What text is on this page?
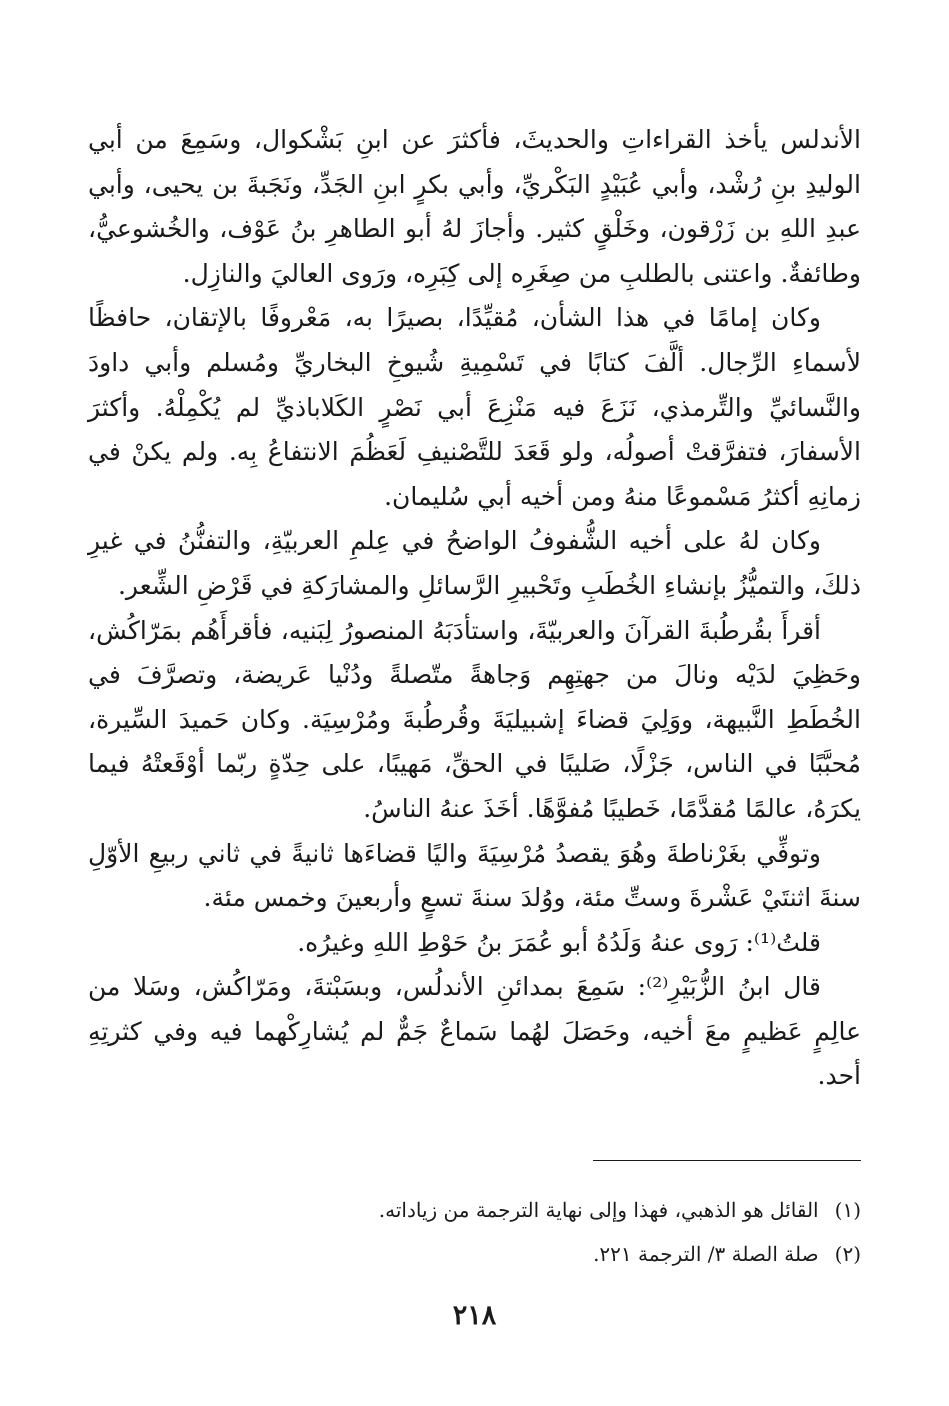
الأندلس يأخذ القراءاتِ والحديثَ، فأكثرَ عن ابنِ بَشْكوال، وسَمِعَ من أبي الوليدِ بنِ رُشْد، وأبي عُبَيْدٍ البَكْريِّ، وأبي بكرٍ ابنِ الجَدِّ، ونَجَبةَ بن يحيى، وأبي عبدِ اللهِ بن زَرْقون، وخَلْقٍ كثير. وأجازَ لهُ أبو الطاهرِ بنُ عَوْف، والخُشوعيُّ، وطائفةٌ. واعتنى بالطلبِ من صِغَرِه إلى كِبَرِه، ورَوى العاليَ والنازِل.

وكان إمامًا في هذا الشأن، مُقيِّدًا، بصيرًا به، مَعْروفًا بالإتقان، حافظًا لأسماءِ الرِّجال. ألَّفَ كتابًا في تَسْمِيةِ شُيوخِ البخاريِّ ومُسلم وأبي داودَ والنَّسائيِّ والتِّرمذي، نَزَعَ فيه مَنْزِعَ أبي نَصْرٍ الكَلاباذيِّ لم يُكْمِلْهُ. وأكثرَ الأسفارَ، فتفرَّقتْ أصولُه، ولو قَعَدَ للتَّصْنيفِ لَعَظُمَ الانتفاعُ بِه. ولم يكنْ في زمانِهِ أكثرُ مَسْموعًا منهُ ومن أخيه أبي سُليمان.

وكان لهُ على أخيه الشُّفوفُ الواضحُ في عِلمِ العربيّةِ، والتفنُّنُ في غيرِ ذلكَ، والتميُّزُ بإنشاءِ الخُطَبِ وتَحْبيرِ الرَّسائلِ والمشارَكةِ في قَرْضِ الشِّعر.

أقرأَ بقُرطُبةَ القرآنَ والعربيّةَ، واستأدَبَهُ المنصورُ لِبَنيه، فأقرأَهُم بمَرّاكُش، وحَظِيَ لدَيْه ونالَ من جهتِهِم وَجاهةً متّصلةً ودُنْيا عَريضة، وتصرَّفَ في الخُطَطِ النَّبيهة، ووَلِيَ قضاءَ إشبيليَةَ وقُرطُبةَ ومُرْسِيَة. وكان حَميدَ السِّيرة، مُحبَّبًا في الناس، جَزْلًا، صَليبًا في الحقِّ، مَهيبًا، على حِدّةٍ ربّما أوْقَعتْهُ فيما يكرَهُ، عالمًا مُقدَّمًا، خَطيبًا مُفوَّهًا. أخَذَ عنهُ الناسُ.

وتوفِّي بغَرْناطةَ وهُوَ يقصدُ مُرْسِيَةَ واليًا قضاءَها ثانيةً في ثاني ربيعِ الأوّلِ سنةَ اثنتَيْ عَشْرةَ وستِّ مئة، ووُلدَ سنةَ تسعٍ وأربعينَ وخمس مئة.

قلتُ⁽¹⁾: رَوى عنهُ وَلَدُهُ أبو عُمَرَ بنُ حَوْطِ اللهِ وغيرُه.

قال ابنُ الزُّبَيْرِ⁽²⁾: سَمِعَ بمدائنِ الأندلُس، وبسَبْتةَ، ومَرّاكُش، وسَلا من عالِمٍ عَظيمٍ معَ أخيه، وحَصَلَ لهُما سَماعٌ جَمٌّ لم يُشارِكْهما فيه وفي كثرتِهِ أحد.

(١)القائل هو الذهبي، فهذا وإلى نهاية الترجمة من زياداته.

(٢)صلة الصلة ٣/ الترجمة ٢٢١.

٢١٨
